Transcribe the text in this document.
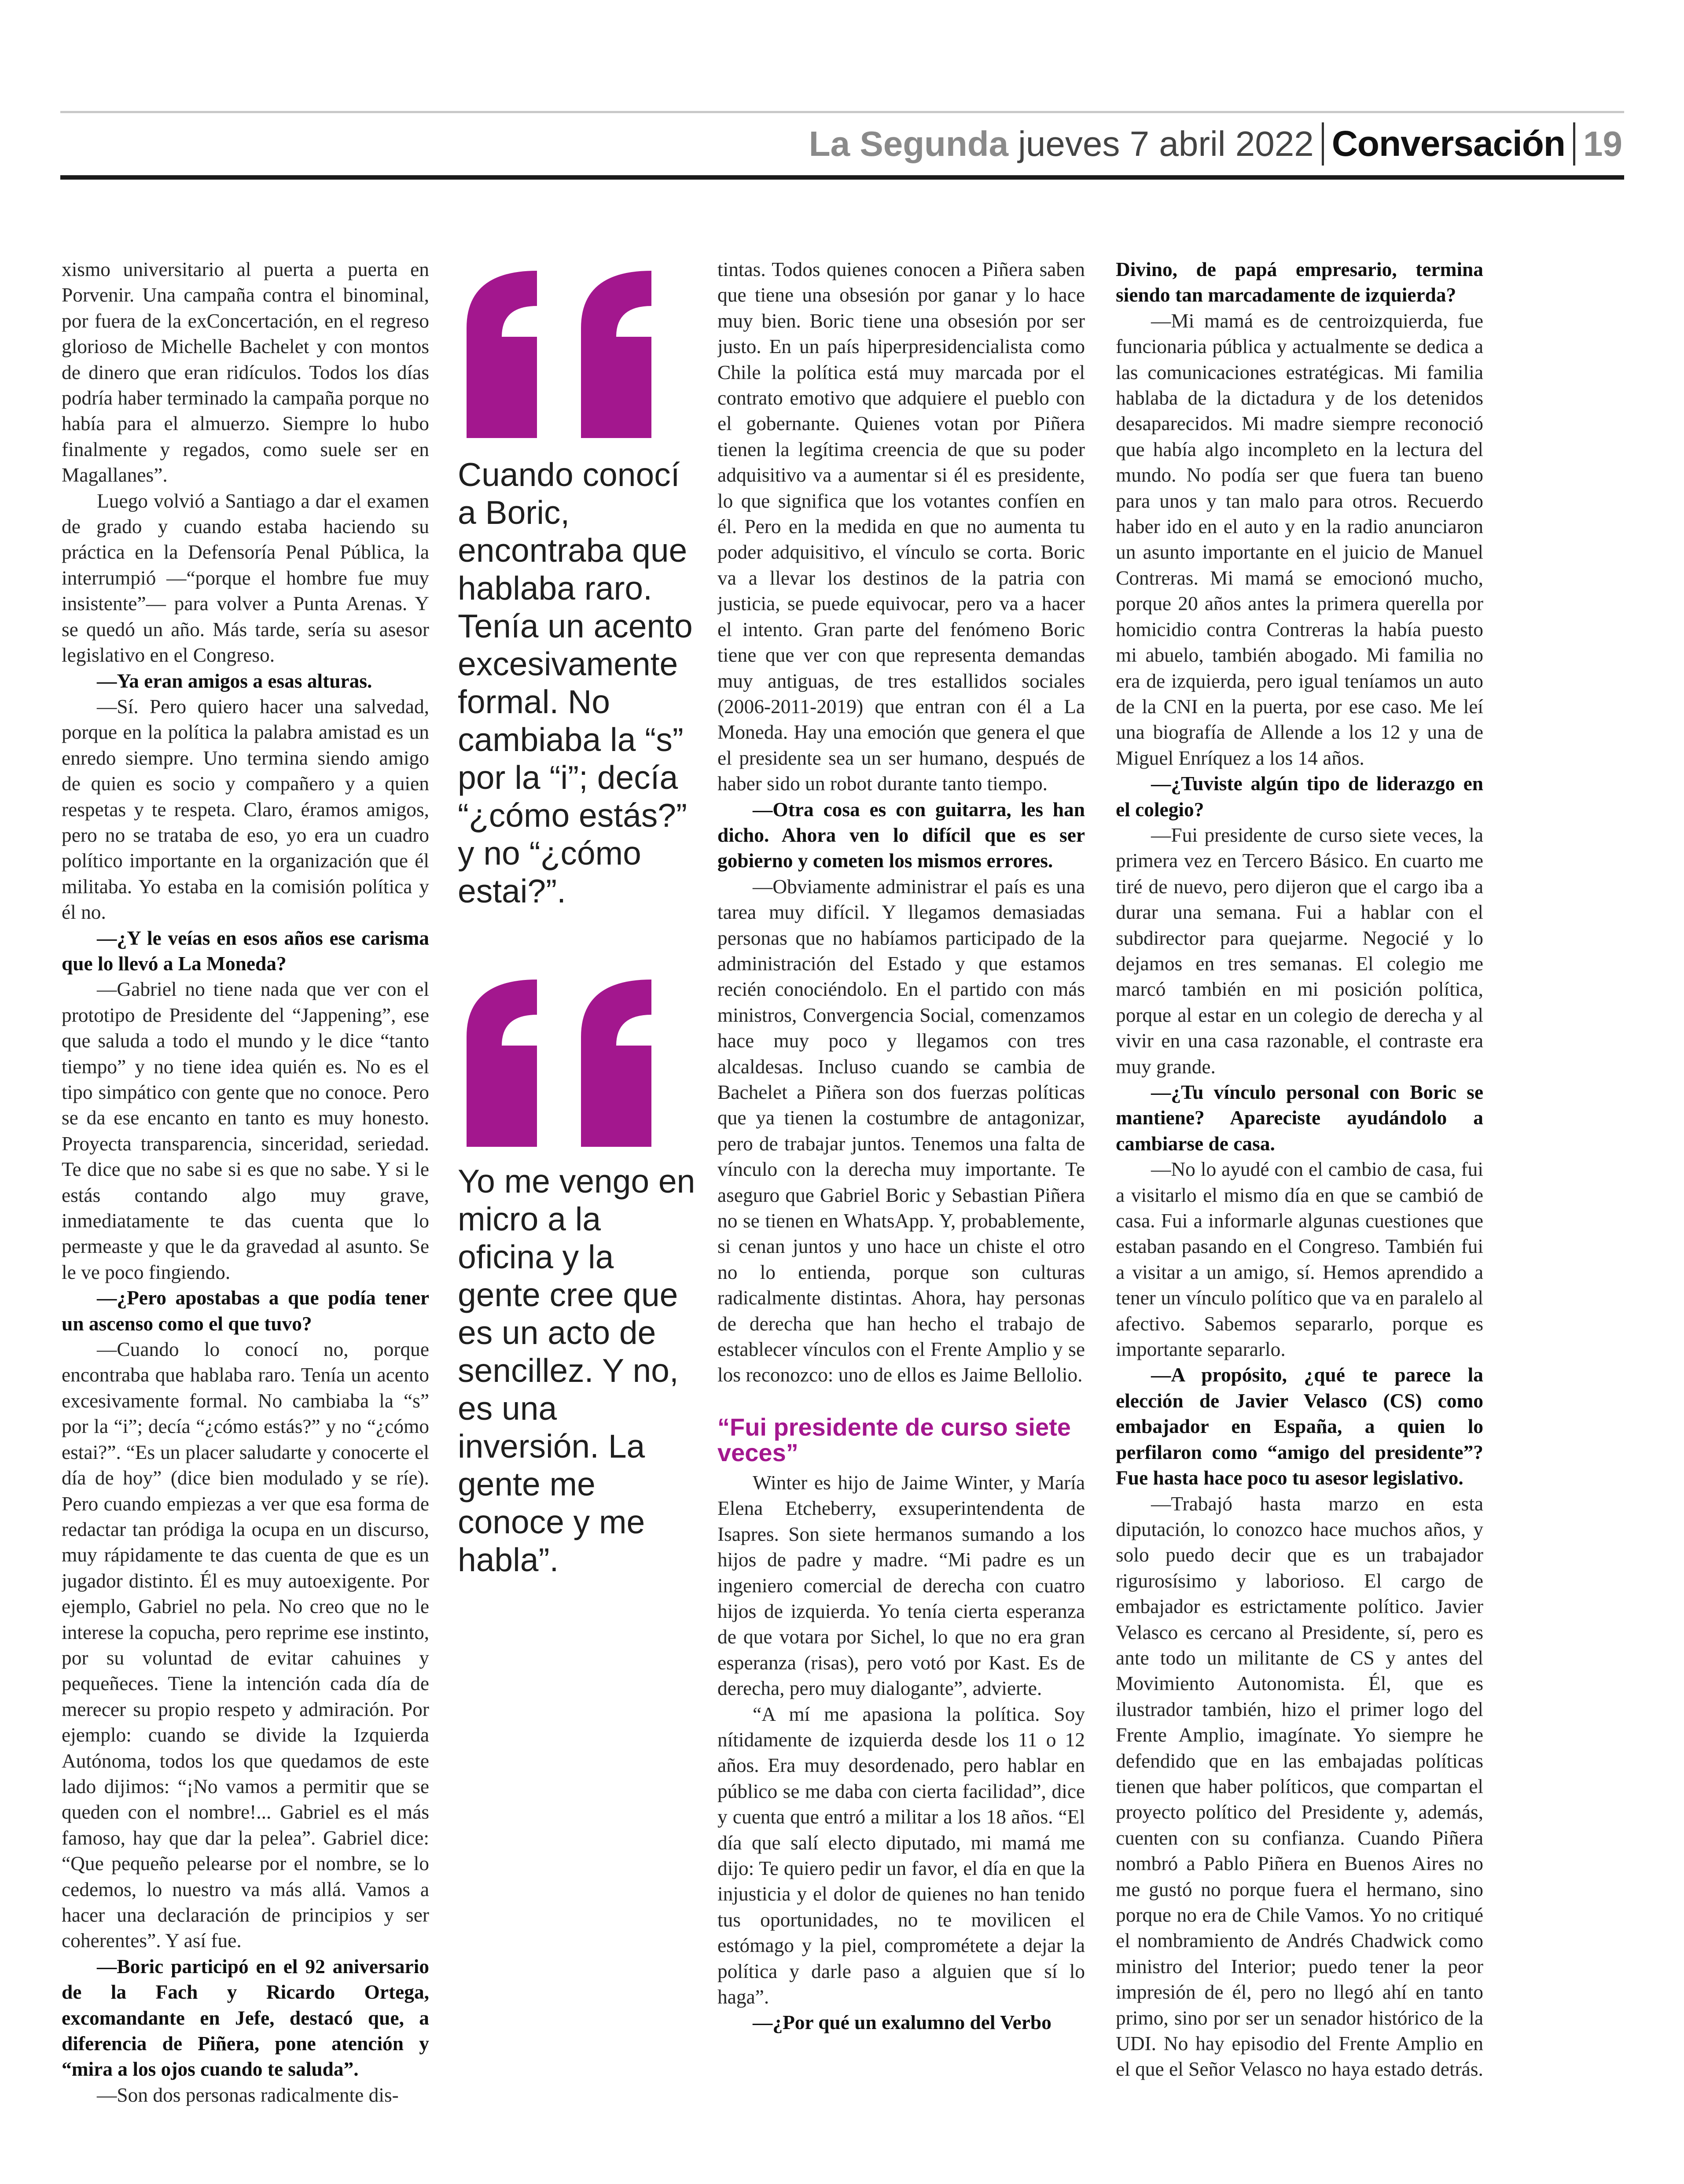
La Segunda jueves 7 abril 2022 Conversación 19

xismo universitario al puerta a puerta en Porvenir. Una campaña contra el binominal, por fuera de la exConcertación, en el regreso glorioso de Michelle Bachelet y con montos de dinero que eran ridículos. Todos los días podría haber terminado la campaña porque no había para el almuerzo. Siempre lo hubo finalmente y regados, como suele ser en Magallanes”.

Luego volvió a Santiago a dar el examen de grado y cuando estaba haciendo su práctica en la Defensoría Penal Pública, la interrumpió —“porque el hombre fue muy insistente”— para volver a Punta Arenas. Y se quedó un año. Más tarde, sería su asesor legislativo en el Congreso.

—Ya eran amigos a esas alturas.

—Sí. Pero quiero hacer una salvedad, porque en la política la palabra amistad es un enredo siempre. Uno termina siendo amigo de quien es socio y compañero y a quien respetas y te respeta. Claro, éramos amigos, pero no se trataba de eso, yo era un cuadro político importante en la organización que él militaba. Yo estaba en la comisión política y él no.

—¿Y le veías en esos años ese carisma que lo llevó a La Moneda?

—Gabriel no tiene nada que ver con el prototipo de Presidente del “Jappening”, ese que saluda a todo el mundo y le dice “tanto tiempo” y no tiene idea quién es. No es el tipo simpático con gente que no conoce. Pero se da ese encanto en tanto es muy honesto. Proyecta transparencia, sinceridad, seriedad. Te dice que no sabe si es que no sabe. Y si le estás contando algo muy grave, inmediatamente te das cuenta que lo permeaste y que le da gravedad al asunto. Se le ve poco fingiendo.

—¿Pero apostabas a que podía tener un ascenso como el que tuvo?

—Cuando lo conocí no, porque encontraba que hablaba raro. Tenía un acento excesivamente formal. No cambiaba la “s” por la “i”; decía “¿cómo estás?” y no “¿cómo estai?”. “Es un placer saludarte y conocerte el día de hoy” (dice bien modulado y se ríe). Pero cuando empiezas a ver que esa forma de redactar tan pródiga la ocupa en un discurso, muy rápidamente te das cuenta de que es un jugador distinto. Él es muy autoexigente. Por ejemplo, Gabriel no pela. No creo que no le interese la copucha, pero reprime ese instinto, por su voluntad de evitar cahuines y pequeñeces. Tiene la intención cada día de merecer su propio respeto y admiración. Por ejemplo: cuando se divide la Izquierda Autónoma, todos los que quedamos de este lado dijimos: “¡No vamos a permitir que se queden con el nombre!... Gabriel es el más famoso, hay que dar la pelea”. Gabriel dice: “Que pequeño pelearse por el nombre, se lo cedemos, lo nuestro va más allá. Vamos a hacer una declaración de principios y ser coherentes”. Y así fue.

—Boric participó en el 92 aniversario de la Fach y Ricardo Ortega, excomandante en Jefe, destacó que, a diferencia de Piñera, pone atención y “mira a los ojos cuando te saluda”.

—Son dos personas radicalmente dis-

Cuando conocí a Boric, encontraba que hablaba raro. Tenía un acento excesivamente formal. No cambiaba la “s” por la “i”; decía “¿cómo estás?” y no “¿cómo estai?”.
Yo me vengo en micro a la oficina y la gente cree que es un acto de sencillez. Y no, es una inversión. La gente me conoce y me habla”.

tintas. Todos quienes conocen a Piñera saben que tiene una obsesión por ganar y lo hace muy bien. Boric tiene una obsesión por ser justo. En un país hiperpresidencialista como Chile la política está muy marcada por el contrato emotivo que adquiere el pueblo con el gobernante. Quienes votan por Piñera tienen la legítima creencia de que su poder adquisitivo va a aumentar si él es presidente, lo que significa que los votantes confíen en él. Pero en la medida en que no aumenta tu poder adquisitivo, el vínculo se corta. Boric va a llevar los destinos de la patria con justicia, se puede equivocar, pero va a hacer el intento. Gran parte del fenómeno Boric tiene que ver con que representa demandas muy antiguas, de tres estallidos sociales (2006-2011-2019) que entran con él a La Moneda. Hay una emoción que genera el que el presidente sea un ser humano, después de haber sido un robot durante tanto tiempo.

—Otra cosa es con guitarra, les han dicho. Ahora ven lo difícil que es ser gobierno y cometen los mismos errores.

—Obviamente administrar el país es una tarea muy difícil. Y llegamos demasiadas personas que no habíamos participado de la administración del Estado y que estamos recién conociéndolo. En el partido con más ministros, Convergencia Social, comenzamos hace muy poco y llegamos con tres alcaldesas. Incluso cuando se cambia de Bachelet a Piñera son dos fuerzas políticas que ya tienen la costumbre de antagonizar, pero de trabajar juntos. Tenemos una falta de vínculo con la derecha muy importante. Te aseguro que Gabriel Boric y Sebastian Piñera no se tienen en WhatsApp. Y, probablemente, si cenan juntos y uno hace un chiste el otro no lo entienda, porque son culturas radicalmente distintas. Ahora, hay personas de derecha que han hecho el trabajo de establecer vínculos con el Frente Amplio y se los reconozco: uno de ellos es Jaime Bellolio.

“Fui presidente de curso siete veces”

Winter es hijo de Jaime Winter, y María Elena Etcheberry, exsuperintendenta de Isapres. Son siete hermanos sumando a los hijos de padre y madre. “Mi padre es un ingeniero comercial de derecha con cuatro hijos de izquierda. Yo tenía cierta esperanza de que votara por Sichel, lo que no era gran esperanza (risas), pero votó por Kast. Es de derecha, pero muy dialogante”, advierte.

“A mí me apasiona la política. Soy nítidamente de izquierda desde los 11 o 12 años. Era muy desordenado, pero hablar en público se me daba con cierta facilidad”, dice y cuenta que entró a militar a los 18 años. “El día que salí electo diputado, mi mamá me dijo: Te quiero pedir un favor, el día en que la injusticia y el dolor de quienes no han tenido tus oportunidades, no te movilicen el estómago y la piel, comprométete a dejar la política y darle paso a alguien que sí lo haga”.

—¿Por qué un exalumno del Verbo

Divino, de papá empresario, termina siendo tan marcadamente de izquierda?

—Mi mamá es de centroizquierda, fue funcionaria pública y actualmente se dedica a las comunicaciones estratégicas. Mi familia hablaba de la dictadura y de los detenidos desaparecidos. Mi madre siempre reconoció que había algo incompleto en la lectura del mundo. No podía ser que fuera tan bueno para unos y tan malo para otros. Recuerdo haber ido en el auto y en la radio anunciaron un asunto importante en el juicio de Manuel Contreras. Mi mamá se emocionó mucho, porque 20 años antes la primera querella por homicidio contra Contreras la había puesto mi abuelo, también abogado. Mi familia no era de izquierda, pero igual teníamos un auto de la CNI en la puerta, por ese caso. Me leí una biografía de Allende a los 12 y una de Miguel Enríquez a los 14 años.

—¿Tuviste algún tipo de liderazgo en el colegio?

—Fui presidente de curso siete veces, la primera vez en Tercero Básico. En cuarto me tiré de nuevo, pero dijeron que el cargo iba a durar una semana. Fui a hablar con el subdirector para quejarme. Negocié y lo dejamos en tres semanas. El colegio me marcó también en mi posición política, porque al estar en un colegio de derecha y al vivir en una casa razonable, el contraste era muy grande.

—¿Tu vínculo personal con Boric se mantiene? Apareciste ayudándolo a cambiarse de casa.

—No lo ayudé con el cambio de casa, fui a visitarlo el mismo día en que se cambió de casa. Fui a informarle algunas cuestiones que estaban pasando en el Congreso. También fui a visitar a un amigo, sí. Hemos aprendido a tener un vínculo político que va en paralelo al afectivo. Sabemos separarlo, porque es importante separarlo.

—A propósito, ¿qué te parece la elección de Javier Velasco (CS) como embajador en España, a quien lo perfilaron como “amigo del presidente”? Fue hasta hace poco tu asesor legislativo.

—Trabajó hasta marzo en esta diputación, lo conozco hace muchos años, y solo puedo decir que es un trabajador rigurosísimo y laborioso. El cargo de embajador es estrictamente político. Javier Velasco es cercano al Presidente, sí, pero es ante todo un militante de CS y antes del Movimiento Autonomista. Él, que es ilustrador también, hizo el primer logo del Frente Amplio, imagínate. Yo siempre he defendido que en las embajadas políticas tienen que haber políticos, que compartan el proyecto político del Presidente y, además, cuenten con su confianza. Cuando Piñera nombró a Pablo Piñera en Buenos Aires no me gustó no porque fuera el hermano, sino porque no era de Chile Vamos. Yo no critiqué el nombramiento de Andrés Chadwick como ministro del Interior; puedo tener la peor impresión de él, pero no llegó ahí en tanto primo, sino por ser un senador histórico de la UDI. No hay episodio del Frente Amplio en el que el Señor Velasco no haya estado detrás.
